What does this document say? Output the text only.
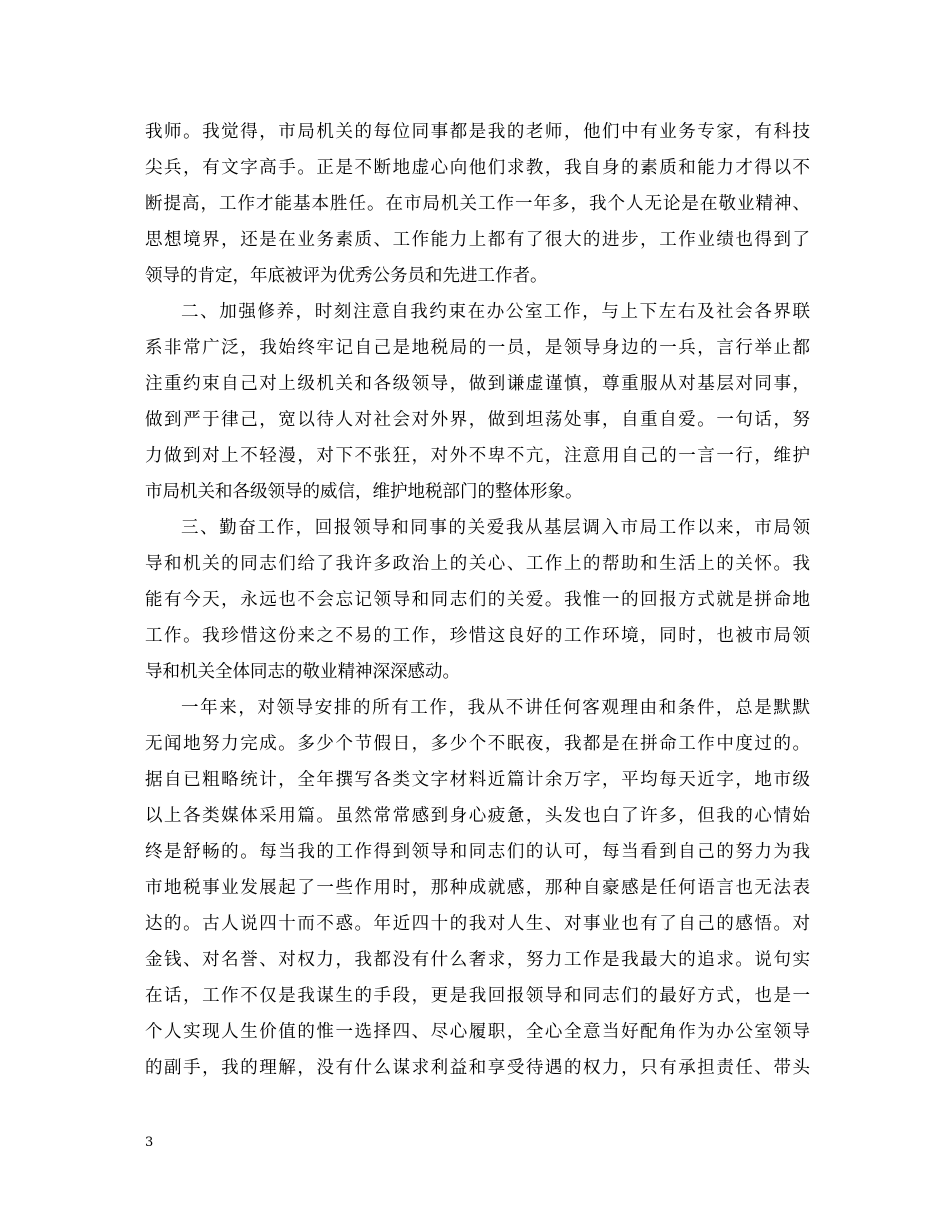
我师。我觉得，市局机关的每位同事都是我的老师，他们中有业务专家，有科技
尖兵，有文字高手。正是不断地虚心向他们求教，我自身的素质和能力才得以不
断提高，工作才能基本胜任。在市局机关工作一年多，我个人无论是在敬业精神、
思想境界，还是在业务素质、工作能力上都有了很大的进步，工作业绩也得到了
领导的肯定，年底被评为优秀公务员和先进工作者。
二、加强修养，时刻注意自我约束在办公室工作，与上下左右及社会各界联
系非常广泛，我始终牢记自己是地税局的一员，是领导身边的一兵，言行举止都
注重约束自己对上级机关和各级领导，做到谦虚谨慎，尊重服从对基层对同事，
做到严于律己，宽以待人对社会对外界，做到坦荡处事，自重自爱。一句话，努
力做到对上不轻漫，对下不张狂，对外不卑不亢，注意用自己的一言一行，维护
市局机关和各级领导的威信，维护地税部门的整体形象。
三、勤奋工作，回报领导和同事的关爱我从基层调入市局工作以来，市局领
导和机关的同志们给了我许多政治上的关心、工作上的帮助和生活上的关怀。我
能有今天，永远也不会忘记领导和同志们的关爱。我惟一的回报方式就是拼命地
工作。我珍惜这份来之不易的工作，珍惜这良好的工作环境，同时，也被市局领
导和机关全体同志的敬业精神深深感动。
一年来，对领导安排的所有工作，我从不讲任何客观理由和条件，总是默默
无闻地努力完成。多少个节假日，多少个不眠夜，我都是在拼命工作中度过的。
据自已粗略统计，全年撰写各类文字材料近篇计余万字，平均每天近字，地市级
以上各类媒体采用篇。虽然常常感到身心疲惫，头发也白了许多，但我的心情始
终是舒畅的。每当我的工作得到领导和同志们的认可，每当看到自己的努力为我
市地税事业发展起了一些作用时，那种成就感，那种自豪感是任何语言也无法表
达的。古人说四十而不惑。年近四十的我对人生、对事业也有了自己的感悟。对
金钱、对名誉、对权力，我都没有什么奢求，努力工作是我最大的追求。说句实
在话，工作不仅是我谋生的手段，更是我回报领导和同志们的最好方式，也是一
个人实现人生价值的惟一选择四、尽心履职，全心全意当好配角作为办公室领导
的副手，我的理解，没有什么谋求利益和享受待遇的权力，只有承担责任、带头
3
